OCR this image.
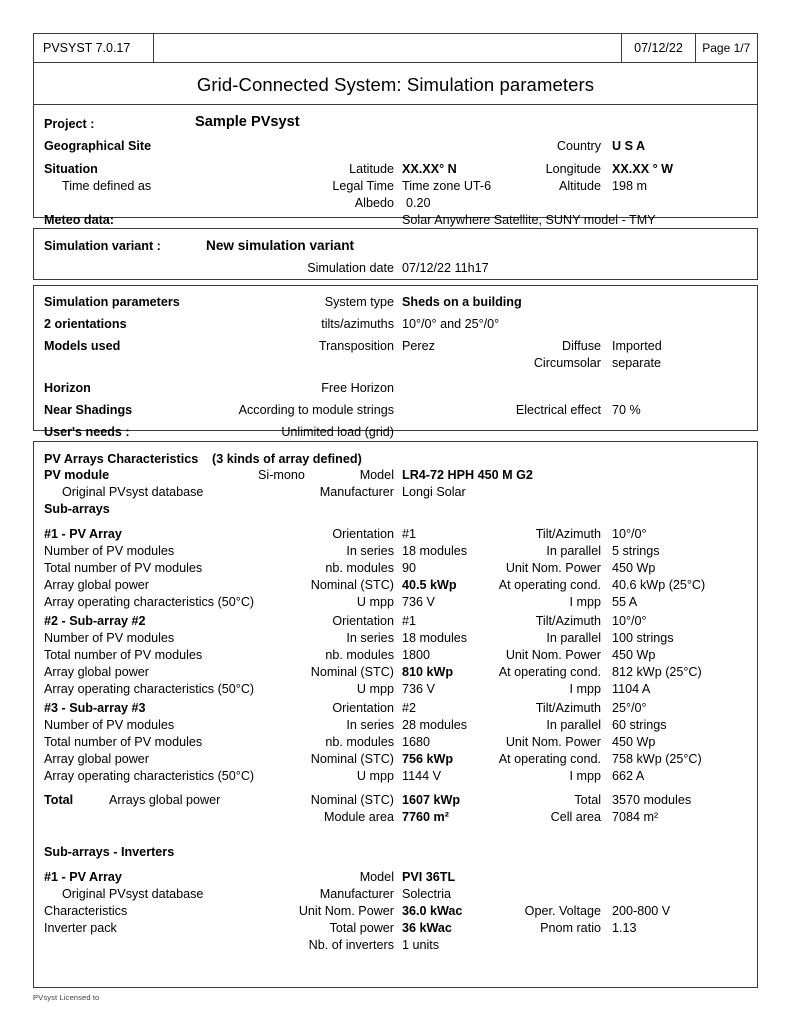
PVSYST 7.0.17	07/12/22	Page 1/7
Grid-Connected System: Simulation parameters
Project :	Sample PVsyst
Geographical Site	Country U S A
Situation	Latitude XX.XX° N	Longitude XX.XX ° W
Time defined as	Legal Time Time zone UT-6	Altitude 198 m
Albedo 0.20
Meteo data:	Solar Anywhere Satellite, SUNY model - TMY
Simulation variant :	New simulation variant
Simulation date 07/12/22 11h17
Simulation parameters	System type Sheds on a building
2 orientations	tilts/azimuths 10°/0° and 25°/0°
Models used	Transposition Perez	Diffuse Imported
Circumsolar separate
Horizon	Free Horizon
Near Shadings	According to module strings	Electrical effect 70 %
User's needs :	Unlimited load (grid)
PV Arrays Characteristics (3 kinds of array defined)
PV module	Si-mono	Model LR4-72 HPH 450 M G2
Original PVsyst database	Manufacturer Longi Solar
Sub-arrays
#1 - PV Array	Orientation #1	Tilt/Azimuth 10°/0°
Number of PV modules	In series 18 modules	In parallel 5 strings
Total number of PV modules	nb. modules 90	Unit Nom. Power 450 Wp
Array global power	Nominal (STC) 40.5 kWp	At operating cond. 40.6 kWp (25°C)
Array operating characteristics (50°C)	U mpp 736 V	I mpp 55 A
#2 - Sub-array #2	Orientation #1	Tilt/Azimuth 10°/0°
Number of PV modules	In series 18 modules	In parallel 100 strings
Total number of PV modules	nb. modules 1800	Unit Nom. Power 450 Wp
Array global power	Nominal (STC) 810 kWp	At operating cond. 812 kWp (25°C)
Array operating characteristics (50°C)	U mpp 736 V	I mpp 1104 A
#3 - Sub-array #3	Orientation #2	Tilt/Azimuth 25°/0°
Number of PV modules	In series 28 modules	In parallel 60 strings
Total number of PV modules	nb. modules 1680	Unit Nom. Power 450 Wp
Array global power	Nominal (STC) 756 kWp	At operating cond. 758 kWp (25°C)
Array operating characteristics (50°C)	U mpp 1144 V	I mpp 662 A
Total	Arrays global power	Nominal (STC) 1607 kWp	Total 3570 modules
Module area 7760 m²	Cell area 7084 m²
Sub-arrays - Inverters
#1 - PV Array	Model PVI 36TL
Original PVsyst database	Manufacturer Solectria
Characteristics	Unit Nom. Power 36.0 kWac	Oper. Voltage 200-800 V
Inverter pack	Total power 36 kWac	Pnom ratio 1.13
Nb. of inverters 1 units
PVsyst Licensed to
